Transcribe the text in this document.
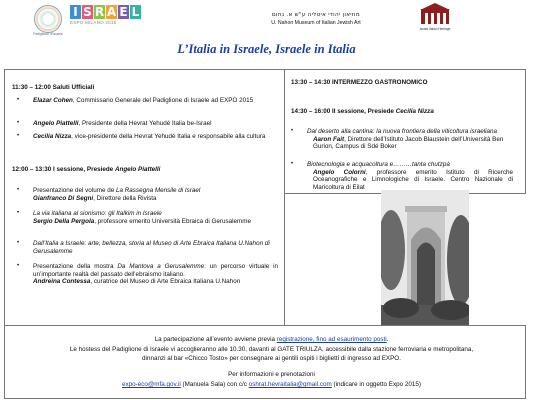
Padiglione d'Israele
I S R A E L
EXPO MILANO 2015
מוזיאון יהודי איטליה ע"ש א. נחום
U. Nahon Museum of Italian Jewish Art
Israeli Italian Heritage
L’Italia in Israele, Israele in Italia
11:30 – 12:00 Saluti Ufficiali
• Elazar Cohen, Commissario Generale del Padiglione di Israele ad EXPO 2015
• Angelo Piattelli, Presidente della Hevrat Yehudé Italia be-Israel
• Cecilia Nizza, vice-presidente della Hevrat Yehudé Italia e responsabile alla cultura
12:00 – 13:30 I sessione, Presiede Angelo Piattelli
• Presentazione del volume de La Rassegna Mensile di Israel
Gianfranco Di Segni, Direttore della Rivista
• La via italiana al sionismo: gli Italkim in Israele
Sergio Della Pergola, professore emerito Università Ebraica di Gerusalemme
• Dall’Italia a Israele: arte, bellezza, storia al Museo di Arte Ebraica Italiana U.Nahon di Gerusalemme
• Presentazione della mostra Da Mantova a Gerusalemme: un percorso virtuale in un’importante realtà del passato dell’ebraismo italiano.
Andreina Contessa, curatrice del Museo di Arte Ebraica Italiana U.Nahon
13:30 – 14:30 INTERMEZZO GASTRONOMICO
14:30 – 16:00 II sessione, Presiede Cecilia Nizza
• Dal deserto alla cantina: la nuova frontiera della viticoltura israeliana
Aaron Fait, Direttore dell’Istituto Jacob Blaustein dell’Università Ben Gurion, Campus di Sdé Boker
• Biotecnologia e acquacoltura e………tanta chutzpà
Angelo Colorni, professore emerito Istituto di Ricerche Oceanografiche e Limnologiche di Israele. Centro Nazionale di Maricoltura di Eilat
La partecipazione all’evento avviene previa registrazione, fino ad esaurimento posti.
Le hostess del Padiglione di Israele vi accoglieranno alle 10.30, davanti al GATE TRIULZA, accessibile dalla stazione ferroviaria e metropolitana,
dinnanzi al bar «Chicco Tosto» per consegnare ai gentili ospiti i biglietti di ingresso ad EXPO.
Per informazioni e prenotazioni
expo-eco@mfa.gov.il (Manuela Sala) con c/c oshrat.hevraitalia@gmail.com (indicare in oggetto Expo 2015)
